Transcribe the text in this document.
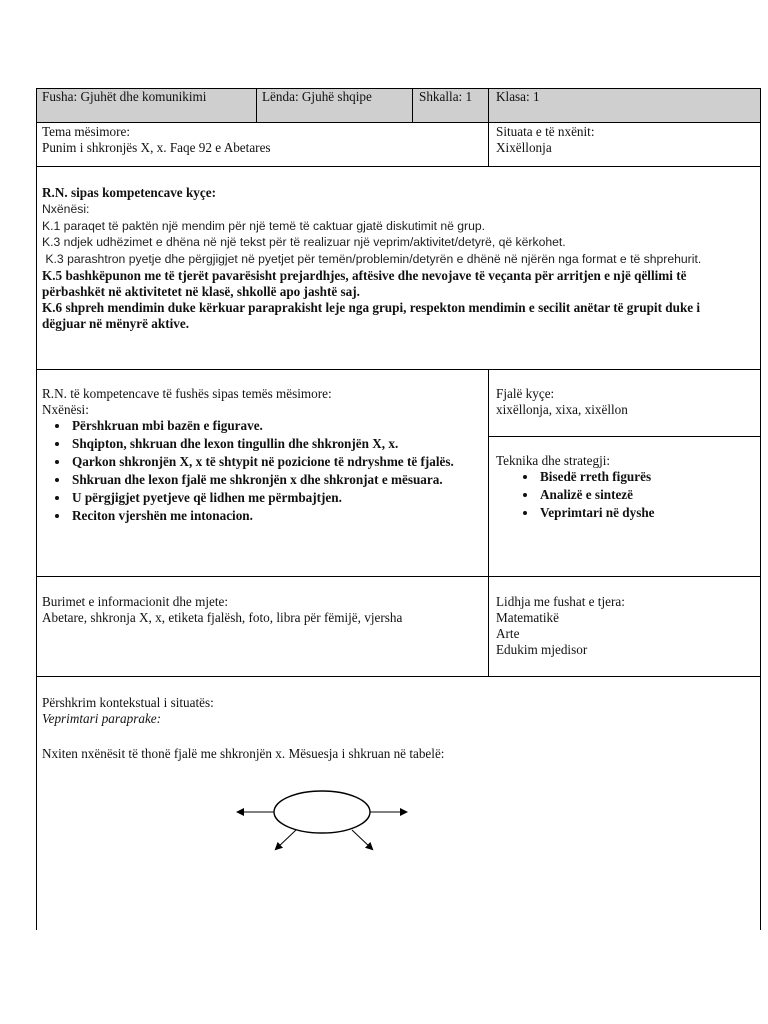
Fusha: Gjuhët dhe komunikimi	Lënda: Gjuhë shqipe	Shkalla: 1	Klasa: 1
Tema mësimore:
Punim i shkronjës X, x. Faqe 92 e Abetares
Situata e të nxënit:
Xixëllonja
R.N. sipas kompetencave kyçe:
Nxënësi:
K.1 paraqet të paktën një mendim për një temë të caktuar gjatë diskutimit në grup.
K.3 ndjek udhëzimet e dhëna në një tekst për të realizuar një veprim/aktivitet/detyrë, që kërkohet.
K.3 parashtron pyetje dhe përgjigjet në pyetjet për temën/problemin/detyrën e dhënë në njërën nga format e të shprehurit.
K.5 bashkëpunon me të tjerët pavarësisht prejardhjes, aftësive dhe nevojave të veçanta për arritjen e një qëllimi të përbashkët në aktivitetet në klasë, shkollë apo jashtë saj.
K.6 shpreh mendimin duke kërkuar paraprakisht leje nga grupi, respekton mendimin e secilit anëtar të grupit duke i dëgjuar në mënyrë aktive.
R.N. të kompetencave të fushës sipas temës mësimore:
Nxënësi:
• Përshkruan mbi bazën e figurave.
• Shqipton, shkruan dhe lexon tingullin dhe shkronjën X, x.
• Qarkon shkronjën X, x të shtypit në pozicione të ndryshme të fjalës.
• Shkruan dhe lexon fjalë me shkronjën x dhe shkronjat e mësuara.
• U përgjigjet pyetjeve që lidhen me përmbajtjen.
• Reciton vjershën me intonacion.
Fjalë kyçe:
xixëllonja, xixa, xixëllon
Teknika dhe strategji:
• Bisedë rreth figurës
• Analizë e sintezë
• Veprimtari në dyshe
Burimet e informacionit dhe mjete:
Abetare, shkronja X, x, etiketa fjalësh, foto, libra për fëmijë, vjersha
Lidhja me fushat e tjera:
Matematikë
Arte
Edukim mjedisor
Përshkrim kontekstual i situatës:
Veprimtari paraprake:
Nxiten nxënësit të thonë fjalë me shkronjën x. Mësuesja i shkruan në tabelë:
